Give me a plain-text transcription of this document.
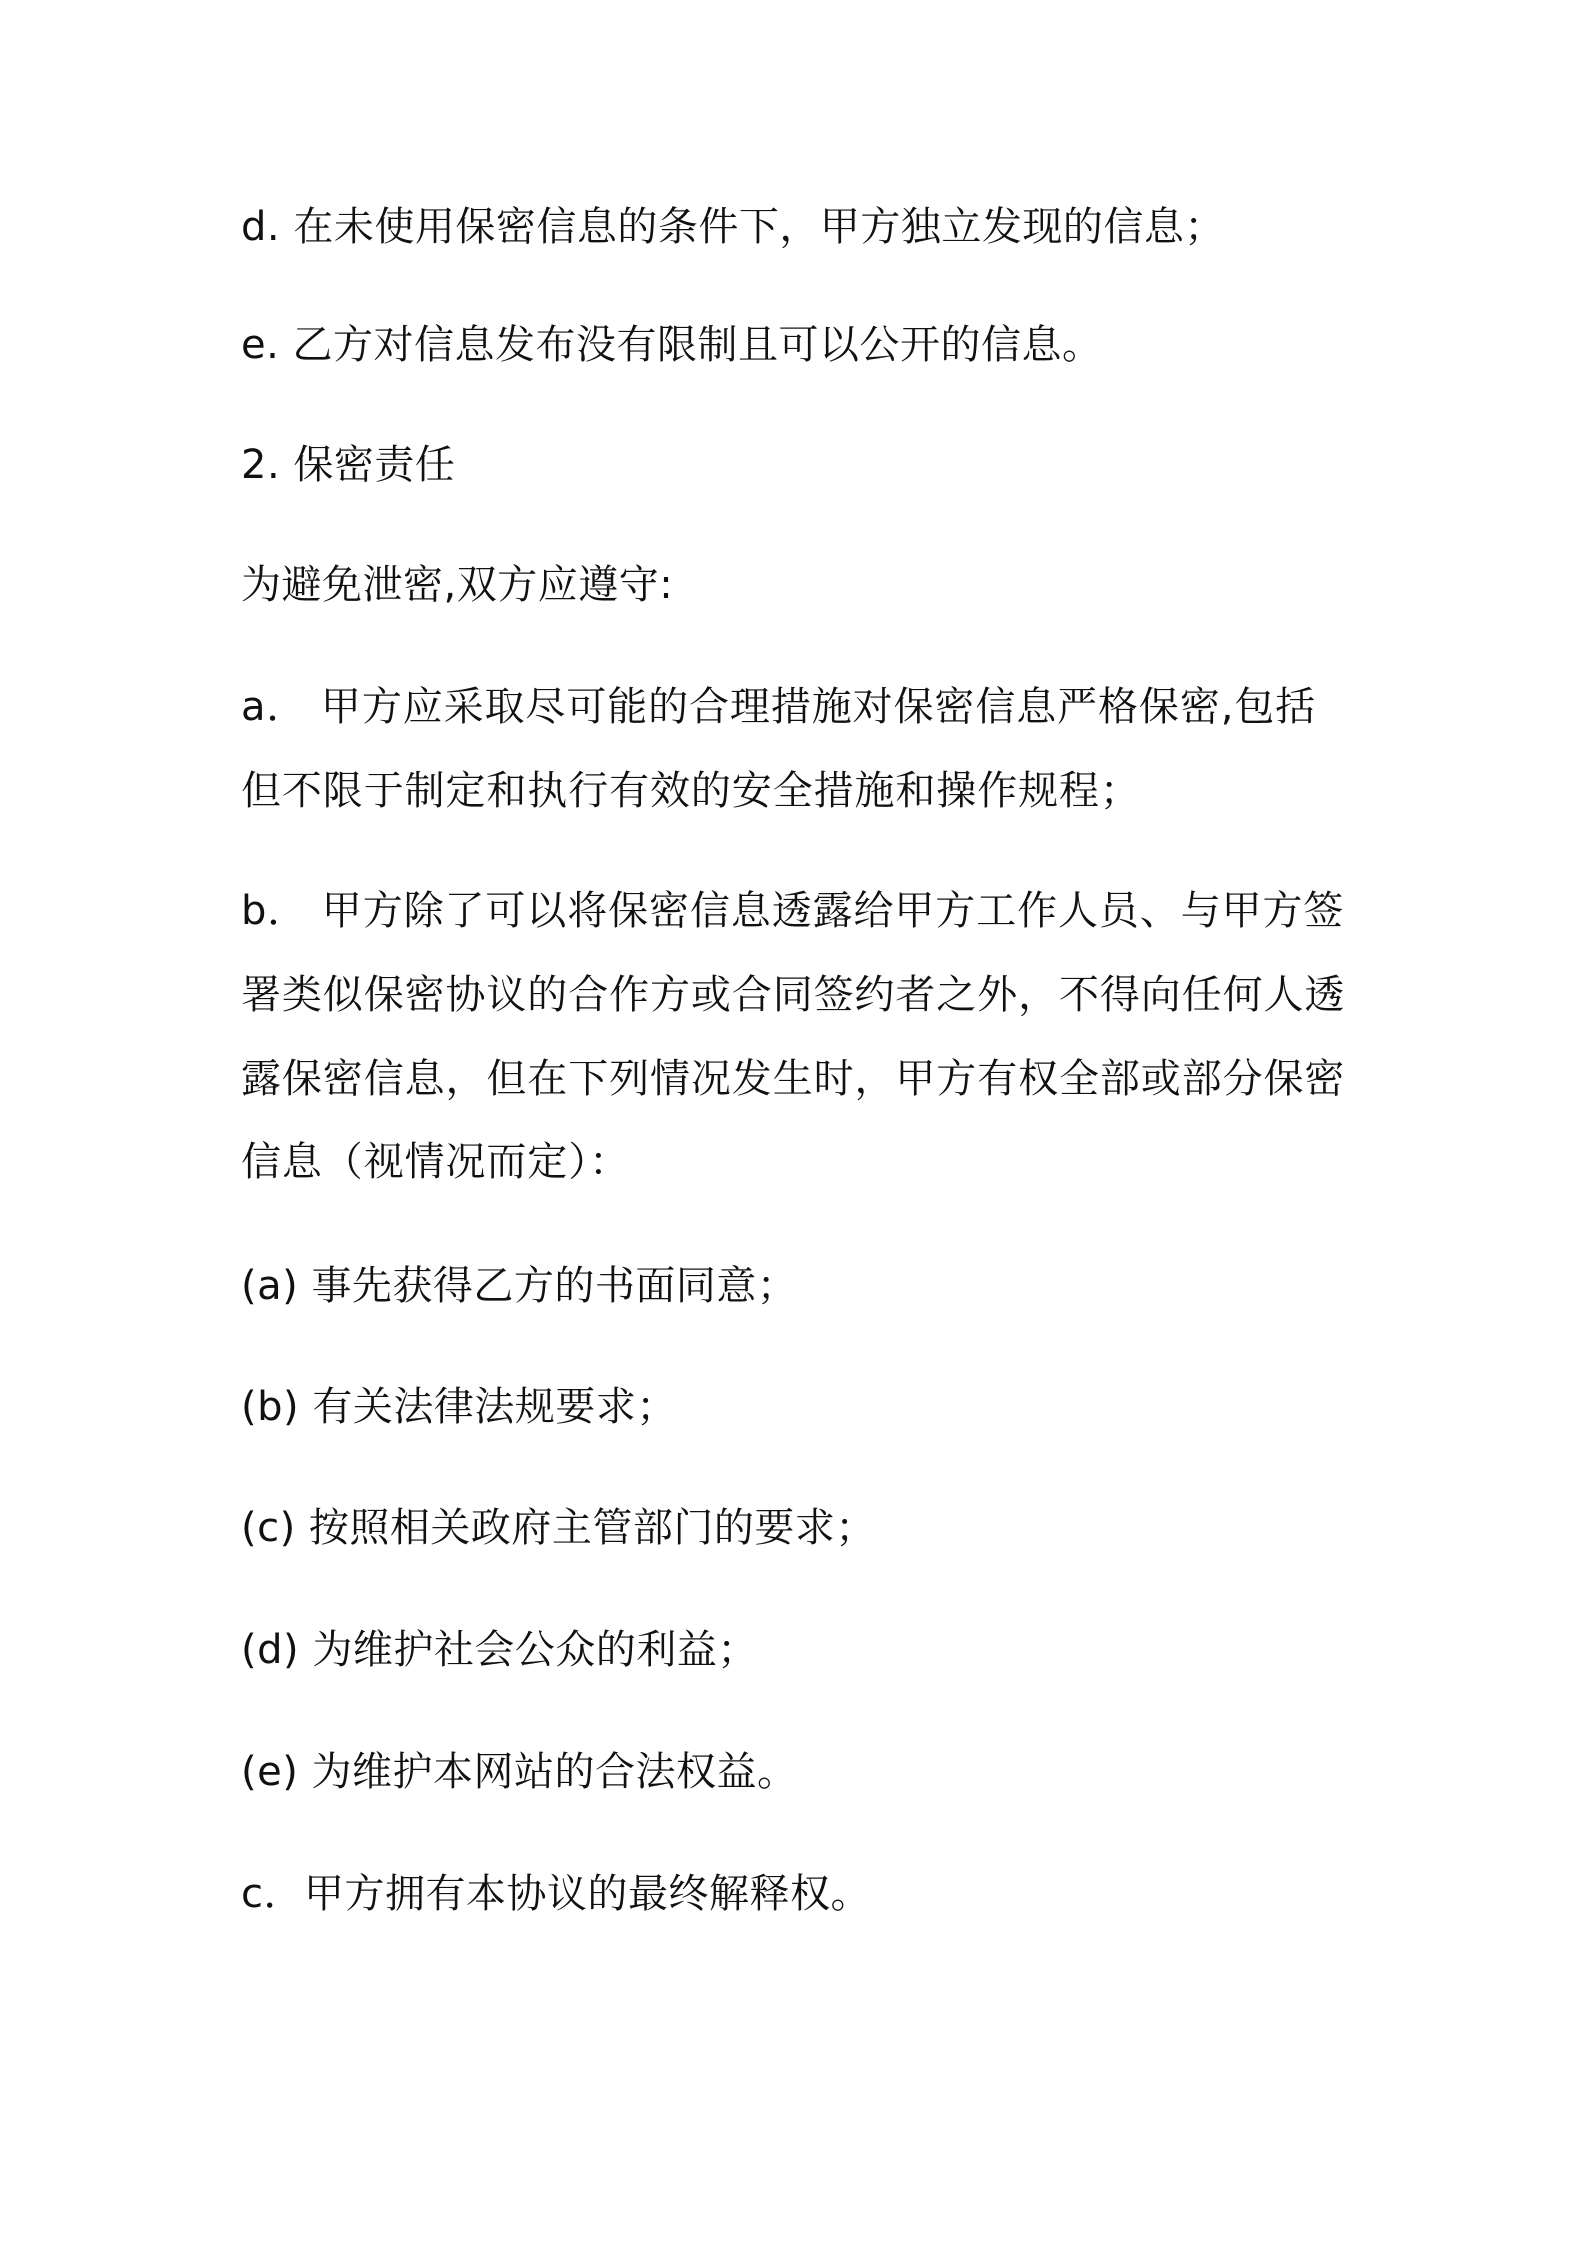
d. 在未使用保密信息的条件下，甲方独立发现的信息；
e. 乙方对信息发布没有限制且可以公开的信息。
2. 保密责任
为避免泄密,双方应遵守:
a． 甲方应采取尽可能的合理措施对保密信息严格保密,包括
但不限于制定和执行有效的安全措施和操作规程；
b． 甲方除了可以将保密信息透露给甲方工作人员、与甲方签
署类似保密协议的合作方或合同签约者之外，不得向任何人透
露保密信息，但在下列情况发生时，甲方有权全部或部分保密
信息（视情况而定）：
(a) 事先获得乙方的书面同意；
(b) 有关法律法规要求；
(c) 按照相关政府主管部门的要求；
(d) 为维护社会公众的利益；
(e) 为维护本网站的合法权益。
c．甲方拥有本协议的最终解释权。
